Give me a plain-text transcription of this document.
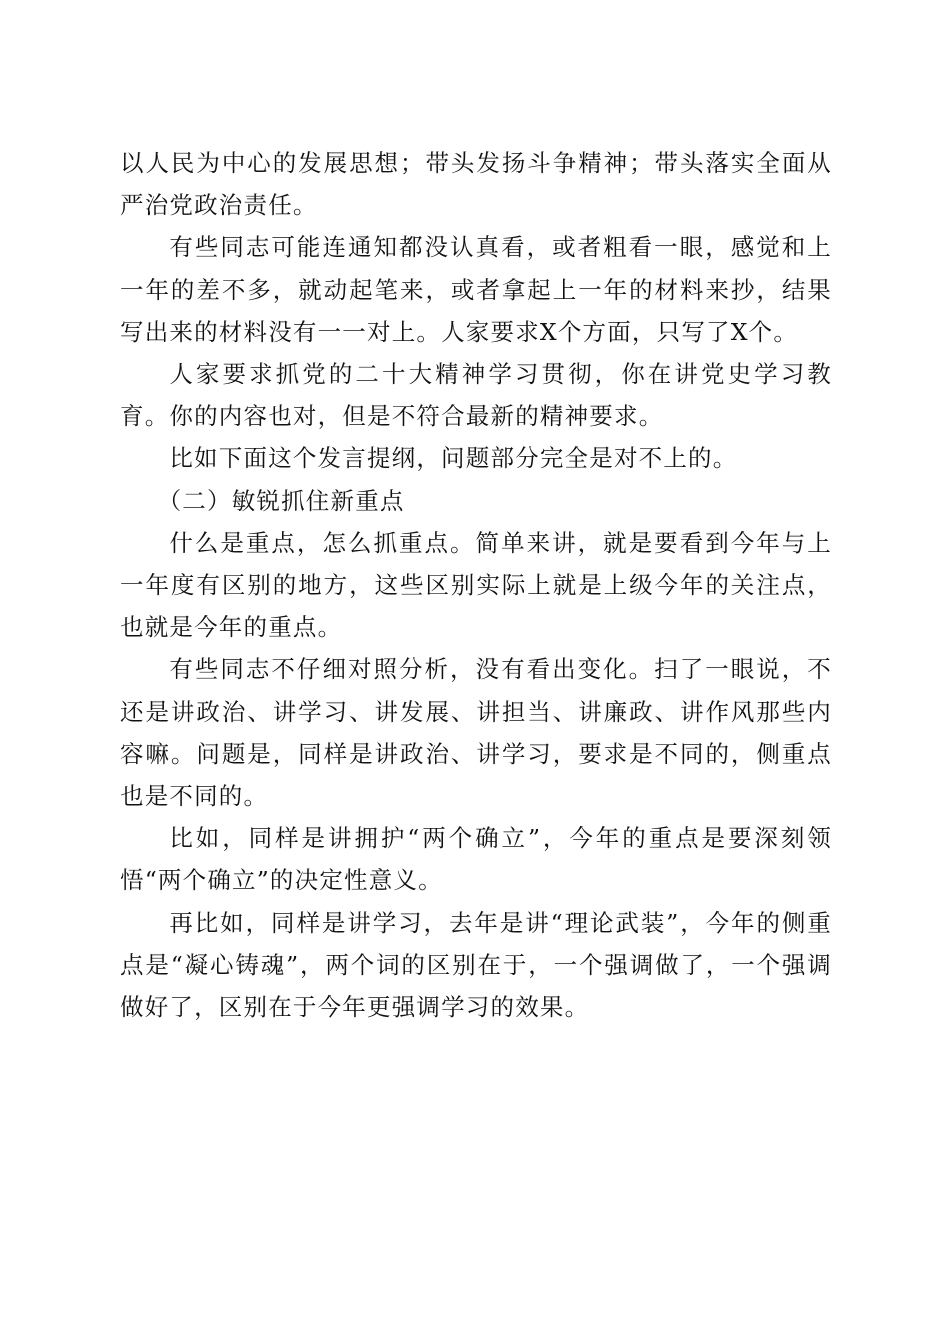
以人民为中心的发展思想；带头发扬斗争精神；带头落实全面从严治党政治责任。

有些同志可能连通知都没认真看，或者粗看一眼，感觉和上一年的差不多，就动起笔来，或者拿起上一年的材料来抄，结果写出来的材料没有一一对上。人家要求X个方面，只写了X个。

人家要求抓党的二十大精神学习贯彻，你在讲党史学习教育。你的内容也对，但是不符合最新的精神要求。

比如下面这个发言提纲，问题部分完全是对不上的。

（二）敏锐抓住新重点

什么是重点，怎么抓重点。简单来讲，就是要看到今年与上一年度有区别的地方，这些区别实际上就是上级今年的关注点，也就是今年的重点。

有些同志不仔细对照分析，没有看出变化。扫了一眼说，不还是讲政治、讲学习、讲发展、讲担当、讲廉政、讲作风那些内容嘛。问题是，同样是讲政治、讲学习，要求是不同的，侧重点也是不同的。

比如，同样是讲拥护“两个确立”，今年的重点是要深刻领悟“两个确立”的决定性意义。

再比如，同样是讲学习，去年是讲“理论武装”，今年的侧重点是“凝心铸魂”，两个词的区别在于，一个强调做了，一个强调做好了，区别在于今年更强调学习的效果。
